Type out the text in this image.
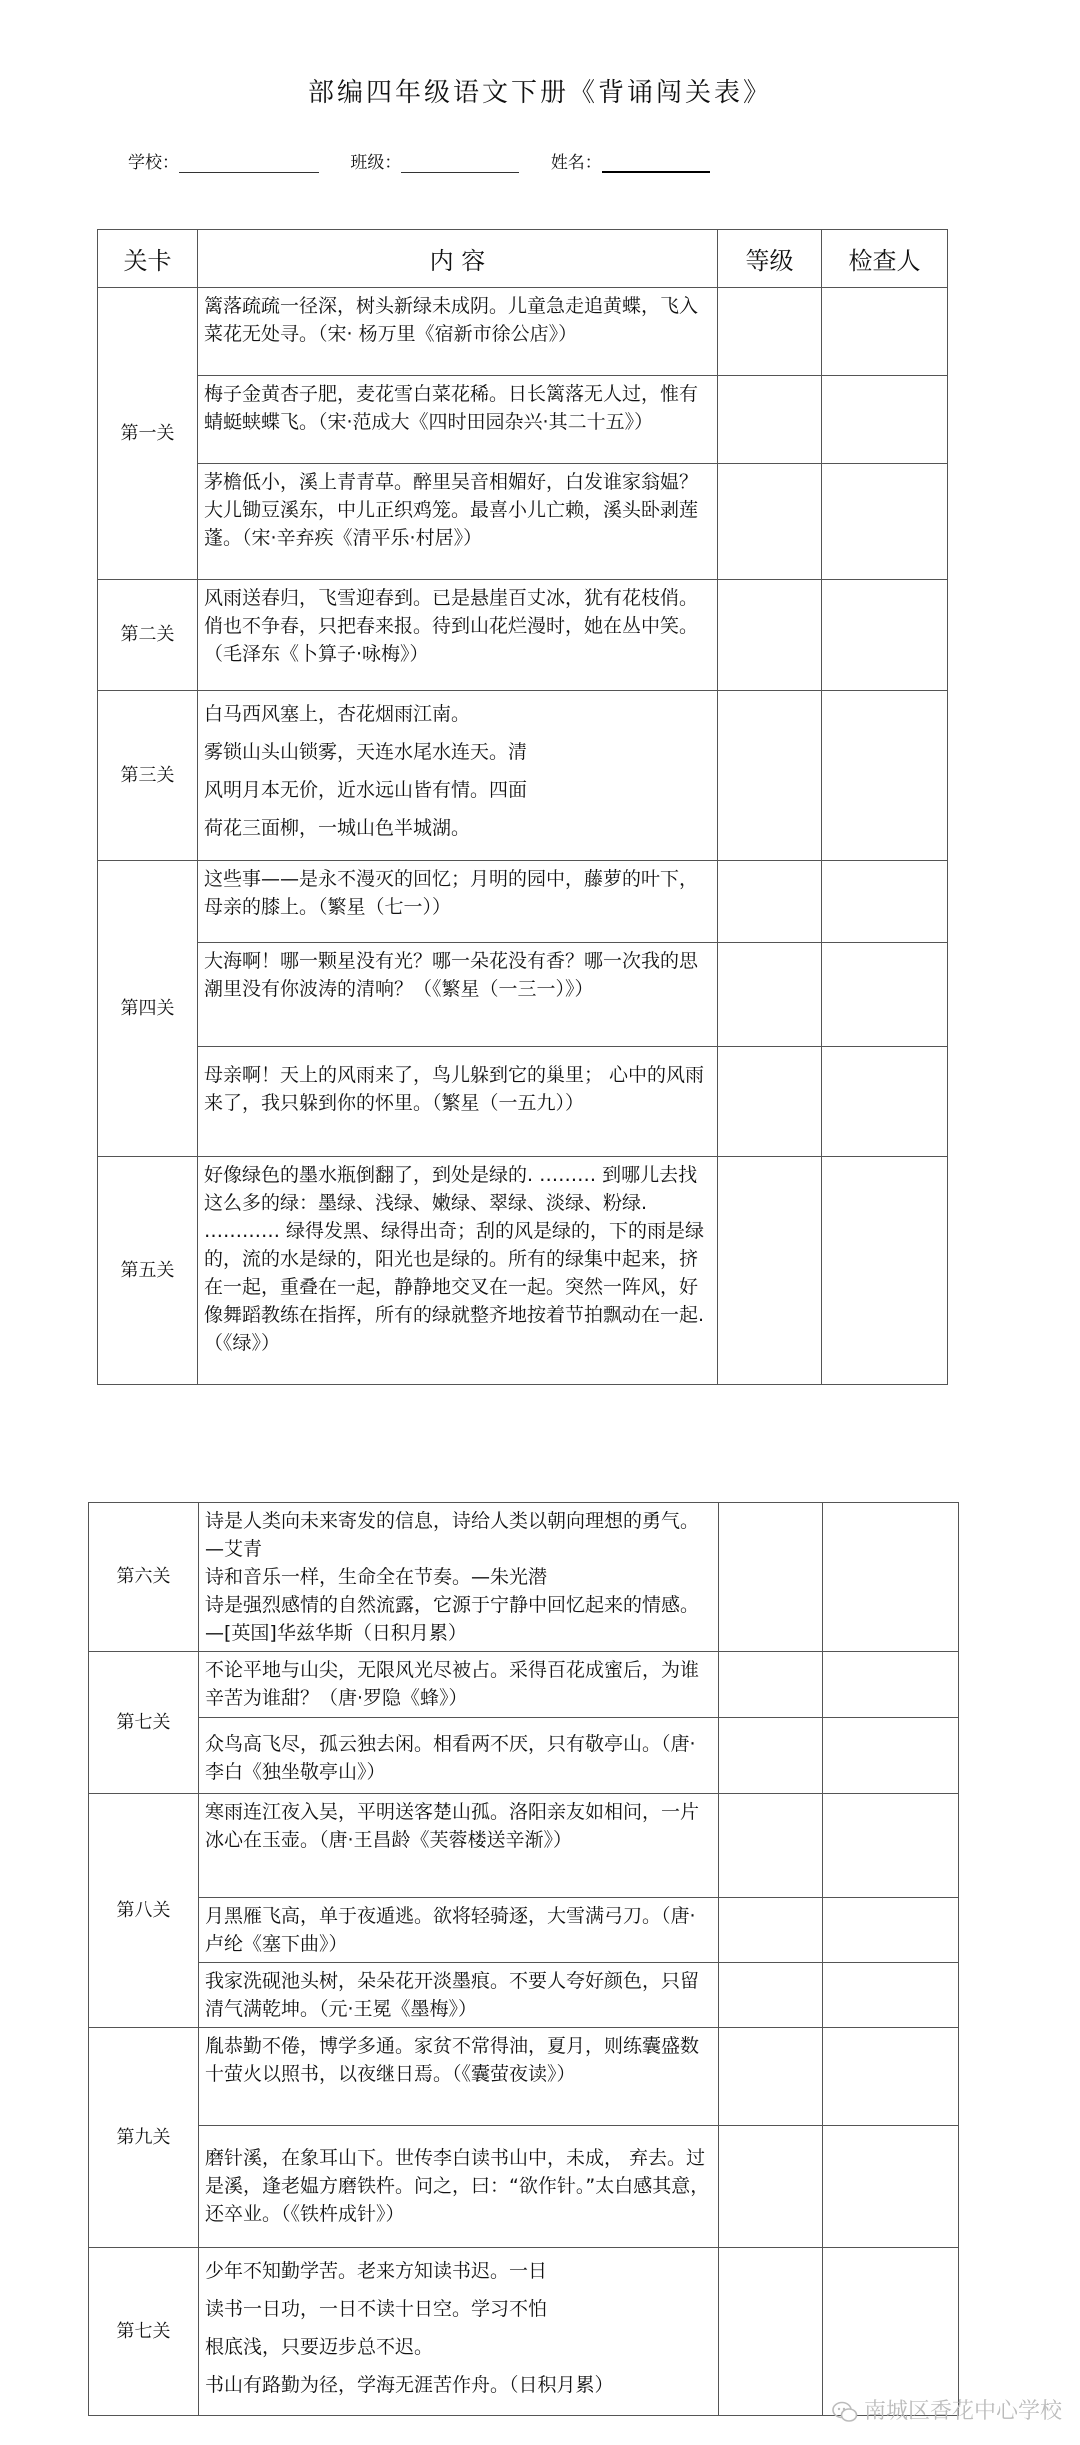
部编四年级语文下册《背诵闯关表》
学校：	班级：	姓名：
关卡	内 容	等级	检查人
第一关	篱落疏疏一径深，树头新绿未成阴。儿童急走追黄蝶，飞入菜花无处寻。（宋· 杨万里《宿新市徐公店》）		
	梅子金黄杏子肥，麦花雪白菜花稀。日长篱落无人过，惟有蜻蜓蛱蝶飞。（宋·范成大《四时田园杂兴·其二十五》）		
	茅檐低小，溪上青青草。醉里吴音相媚好，白发谁家翁媪？大儿锄豆溪东，中儿正织鸡笼。最喜小儿亡赖，溪头卧剥莲蓬。（宋·辛弃疾《清平乐·村居》）		
第二关	风雨送春归，飞雪迎春到。已是悬崖百丈冰，犹有花枝俏。俏也不争春，只把春来报。待到山花烂漫时，她在丛中笑。（毛泽东《卜算子·咏梅》）		
第三关	白马西风塞上，杏花烟雨江南。
雾锁山头山锁雾，天连水尾水连天。清
风明月本无价，近水远山皆有情。四面
荷花三面柳，一城山色半城湖。		

第四关	这些事——是永不漫灭的回忆；月明的园中，藤萝的叶下，母亲的膝上。（繁星（七一））		
	大海啊！哪一颗星没有光？哪一朵花没有香？哪一次我的思潮里没有你波涛的清响？（《繁星（一三一）》）		
	母亲啊！天上的风雨来了，鸟儿躲到它的巢里； 心中的风雨来了，我只躲到你的怀里。（繁星（一五九））		
第五关	好像绿色的墨水瓶倒翻了，到处是绿的. ……… 到哪儿去找这么多的绿：墨绿、浅绿、嫩绿、翠绿、淡绿、粉绿. ………… 绿得发黑、绿得出奇；刮的风是绿的，下的雨是绿的，流的水是绿的，阳光也是绿的。所有的绿集中起来，挤在一起，重叠在一起，静静地交叉在一起。突然一阵风，好像舞蹈教练在指挥，所有的绿就整齐地按着节拍飘动在一起.　（《绿》）		
第六关	诗是人类向未来寄发的信息，诗给人类以朝向理想的勇气。—艾青
诗和音乐一样，生命全在节奏。—朱光潜
诗是强烈感情的自然流露，它源于宁静中回忆起来的情感。—[英国]华兹华斯（日积月累）		

第七关	不论平地与山尖，无限风光尽被占。采得百花成蜜后，为谁辛苦为谁甜？（唐·罗隐《蜂》）		
	众鸟高飞尽，孤云独去闲。相看两不厌，只有敬亭山。（唐·李白《独坐敬亭山》）		
第八关	寒雨连江夜入吴，平明送客楚山孤。洛阳亲友如相问，一片冰心在玉壶。（唐·王昌龄《芙蓉楼送辛渐》）		
	月黑雁飞高，单于夜遁逃。欲将轻骑逐，大雪满弓刀。（唐· 卢纶《塞下曲》）		
	我家洗砚池头树，朵朵花开淡墨痕。不要人夸好颜色，只留清气满乾坤。（元·王冕《墨梅》）		
第九关	胤恭勤不倦，博学多通。家贫不常得油，夏月，则练囊盛数十萤火以照书，以夜继日焉。（《囊萤夜读》）		
	磨针溪，在象耳山下。世传李白读书山中，未成， 弃去。过是溪，逢老媪方磨铁杵。问之，曰：“欲作针。”太白感其意，还卒业。（《铁杵成针》）		
第七关	少年不知勤学苦。老来方知读书迟。一日
读书一日功，一日不读十日空。学习不怕
根底浅，只要迈步总不迟。
书山有路勤为径，学海无涯苦作舟。（日积月累）		

南城区香花中心学校
